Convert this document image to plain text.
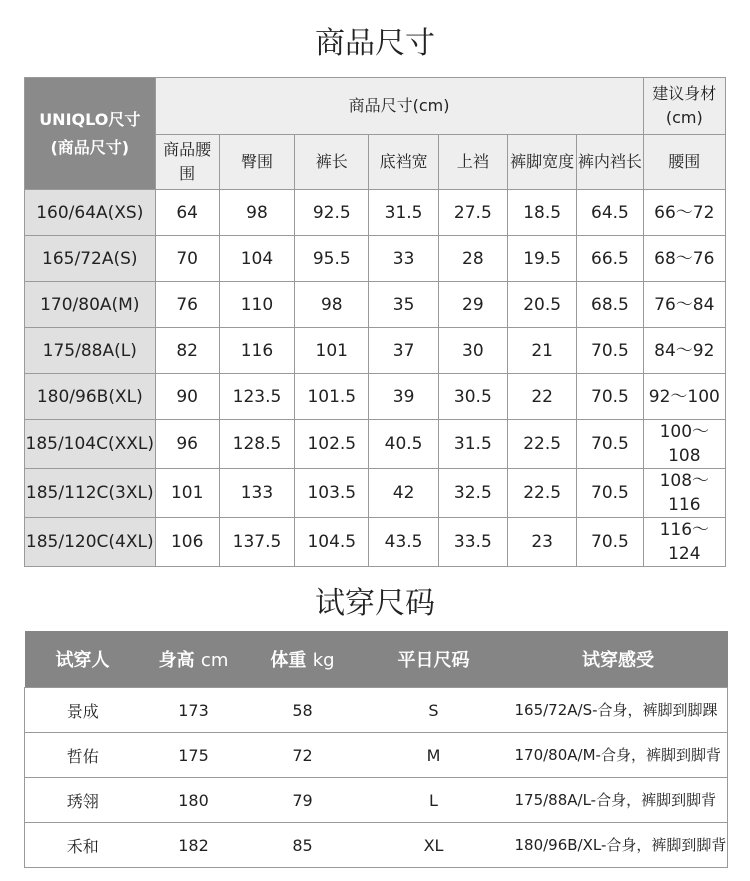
商品尺寸
UNIQLO尺寸
(商品尺寸)	商品尺寸(cm)							建议身材(cm)
	商品腰围	臀围	裤长	底裆宽	上裆	裤脚宽度	裤内裆长	腰围
160/64A(XS)	64	98	92.5	31.5	27.5	18.5	64.5	66～72
165/72A(S)	70	104	95.5	33	28	19.5	66.5	68～76
170/80A(M)	76	110	98	35	29	20.5	68.5	76～84
175/88A(L)	82	116	101	37	30	21	70.5	84～92
180/96B(XL)	90	123.5	101.5	39	30.5	22	70.5	92～100
185/104C(XXL)	96	128.5	102.5	40.5	31.5	22.5	70.5	100～108
185/112C(3XL)	101	133	103.5	42	32.5	22.5	70.5	108～116
185/120C(4XL)	106	137.5	104.5	43.5	33.5	23	70.5	116～124
试穿尺码
试穿人	身高 cm	体重 kg	平日尺码	试穿感受
景成	173	58	S	165/72A/S-合身，裤脚到脚踝
哲佑	175	72	M	170/80A/M-合身，裤脚到脚背
琇翎	180	79	L	175/88A/L-合身，裤脚到脚背
禾和	182	85	XL	180/96B/XL-合身，裤脚到脚背
